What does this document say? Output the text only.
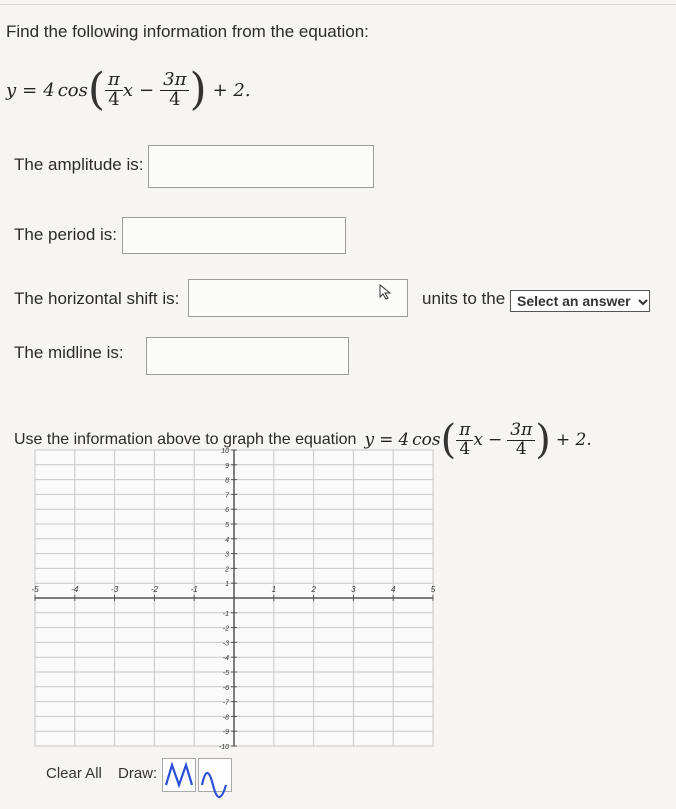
Find the following information from the equation:
y = 4 cos ( $\frac{\pi}{4}$ $x - \frac{3\pi}{4}$ ) + 2.
The amplitude is:
The period is:
The horizontal shift is:	units to the Select an answer
The midline is:
Use the information above to graph the equation y = 4 cos ( $\frac{\pi}{4}$ $x - \frac{3\pi}{4}$ ) + 2.
-5	-4	-3	-2	-1	1	2	3	4	5
10
9
8
7
6
5
4
3
2
1
-1
-2
-3
-4
-5
-6
-7
-8
-9
-10
Clear All	Draw:
